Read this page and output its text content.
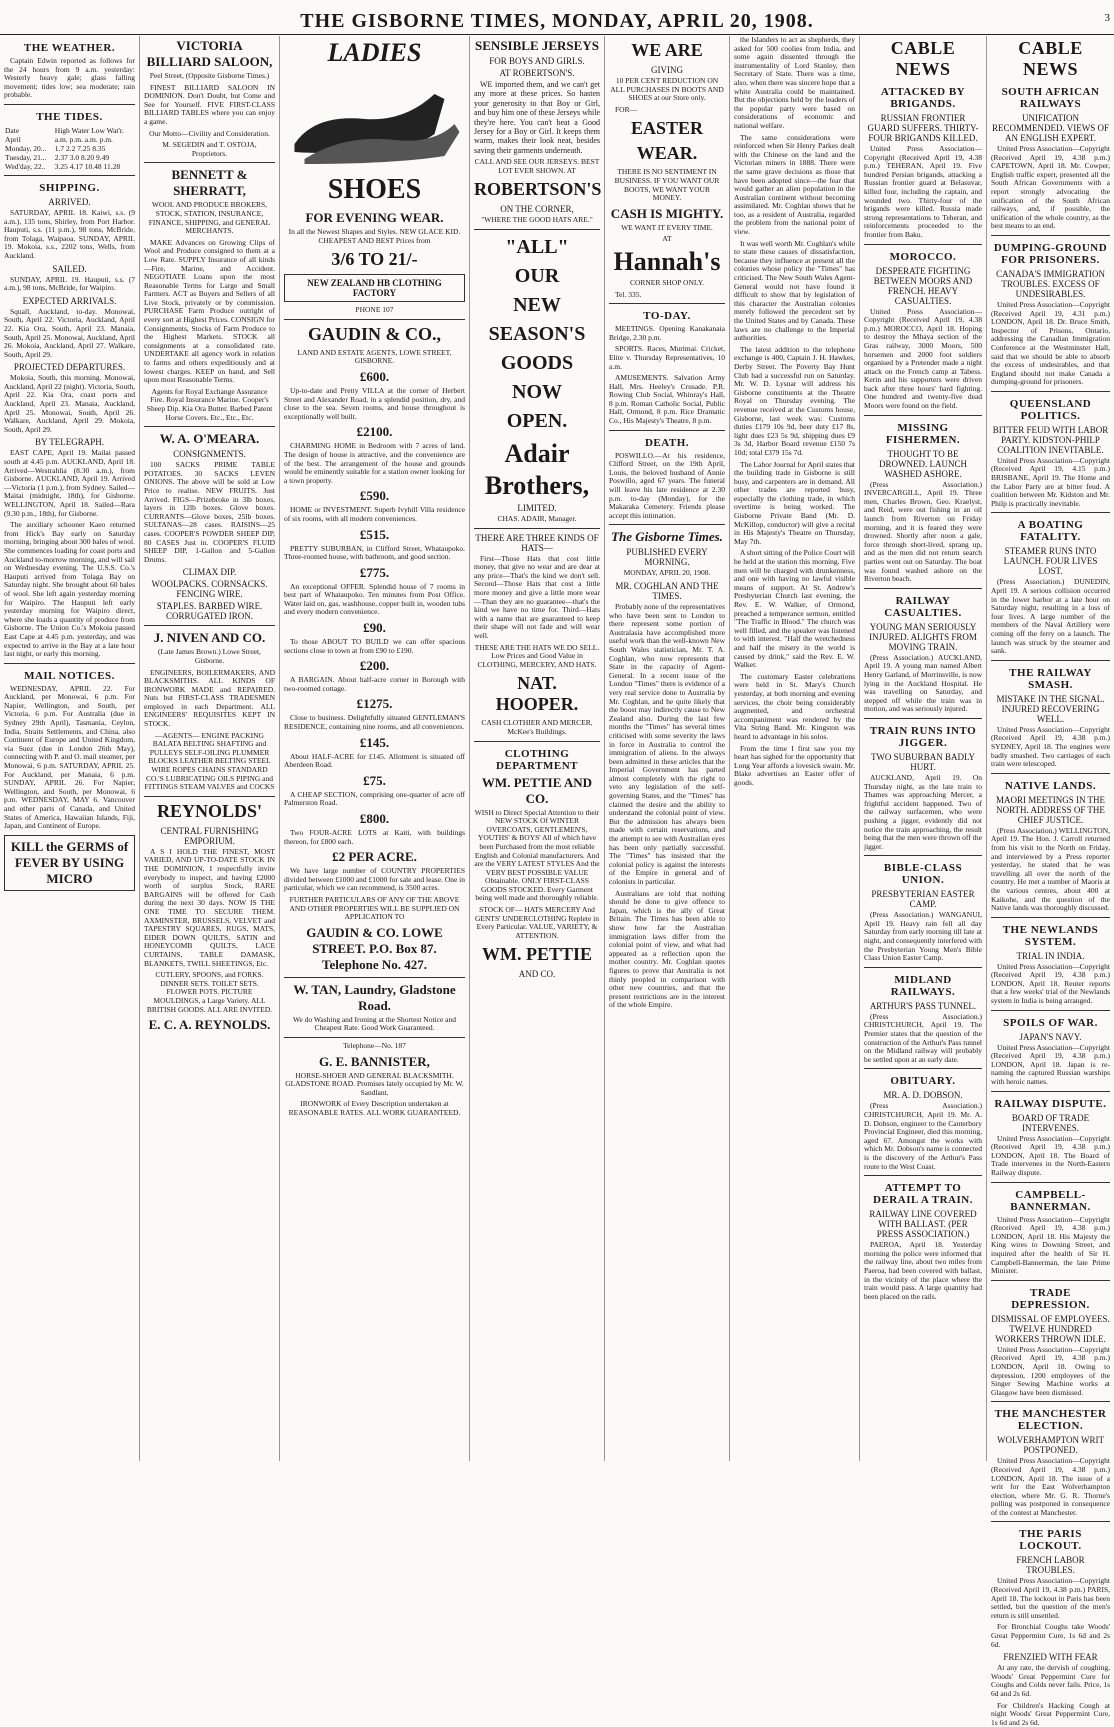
THE GISBORNE TIMES, MONDAY, APRIL 20, 1908.	3
THE WEATHER.

Captain Edwin reported as follows for the 24 hours from 9 a.m. yesterday: Westerly heavy gale; glass falling movement; tides low; sea moderate; rain probable.

THE TIDES.
Date	High Water Low Wat'r.
April	a.m. p.m. a.m. p.m.
Monday, 20...	1.7 2.2 7.25 8.35
Tuesday, 21...	2.37 3.0 8.20 9.49
Wed'day, 22..	3.25 4.17 10.48 11.28
SHIPPING.
ARRIVED.

SATURDAY, APRIL 18. Kaiwi, s.s. (9 a.m.), 135 tons, Shirley, from Port Harbor. Hauputi, s.s. (11 p.m.), 98 tons, McBride, from Tolaga, Waipaoa. SUNDAY, APRIL 19. Mokoia, s.s., 2202 tons, Wells, from Auckland.

SAILED.

SUNDAY, APRIL 19. Hauputi, s.s. (7 a.m.), 98 tons, McBride, for Waipiro.

EXPECTED ARRIVALS.

Squall, Auckland, to-day. Monowai, South, April 22. Victoria, Auckland, April 22. Kia Ora, South, April 23. Manaia, South, April 25. Monowai, Auckland, April 26. Mokoia, Auckland, April 27. Walkare, South, April 29.

PROJECTED DEPARTURES.

Mokoia, South, this morning. Monowai, Auckland, April 22 (night). Victoria, South, April 22. Kia Ora, coast ports and Auckland, April 23. Manaia, Auckland, April 25. Monowai, South, April 26. Walkare, Auckland, April 29. Mokoia, South, April 29.

BY TELEGRAPH.

EAST CAPE, April 19. Mailai passed south at 4.45 p.m. AUCKLAND, April 18. Arrived—Westrahlia (8.30 a.m.), from Gisborne. AUCKLAND, April 19. Arrived—Victoria (1 p.m.), from Sydney. Sailed—Maitai (midnight, 18th), for Gisborne. WELLINGTON, April 18. Sailed—Rara (9.30 p.m., 18th), for Gisborne.

The auxiliary schooner Kaeo returned from Hick's Bay early on Saturday morning, bringing about 300 bales of wool. She commences loading for coast ports and Auckland to-morrow morning, and will sail on Wednesday evening. The U.S.S. Co.'s Hauputi arrived from Tolaga Bay on Saturday night. She brought about 60 bales of wool. She left again yesterday morning for Waipiro. The Hauputi left early yesterday morning for Waipiro direct, where she loads a quantity of produce from Gisborne. The Union Co.'s Mokoia passed East Cape at 4.45 p.m. yesterday, and was expected to arrive in the Bay at a late hour last night, or early this morning.

MAIL NOTICES.

WEDNESDAY, APRIL 22. For Auckland, per Monowai, 6 p.m. For Napier, Wellington, and South, per Victoria, 6 p.m. For Australia (due in Sydney 29th April), Tasmania, Ceylon, India, Straits Settlements, and China, also Continent of Europe and United Kingdom, via Suez (due in London 26th May), connecting with P. and O. mail steamer, per Monowai, 6 p.m. SATURDAY, APRIL 25. For Auckland, per Manaia, 6 p.m. SUNDAY, APRIL 26. For Napier, Wellington, and South, per Monowai, 6 p.m. WEDNESDAY, MAY 6. Vancouver and other parts of Canada, and United States of America, Hawaiian Islands, Fiji, Japan, and Continent of Europe.

KILL the GERMS of FEVER BY USING MICRO
VICTORIA BILLIARD SALOON,

Peel Street, (Opposite Gisborne Times.)

FINEST BILLIARD SALOON IN DOMINION. Don't Doubt, but Come and See for Yourself. FIVE FIRST-CLASS BILLIARD TABLES where you can enjoy a game.

Our Motto—Civility and Consideration.

M. SEGEDIN and T. OSTOJA, Proprietors.

BENNETT & SHERRATT,

WOOL AND PRODUCE BROKERS, STOCK, STATION, INSURANCE, FINANCE, SHIPPING, and GENERAL MERCHANTS.

MAKE Advances on Growing Clips of Wool and Produce consigned to them at a Low Rate. SUPPLY Insurance of all kinds—Fire, Marine, and Accident. NEGOTIATE Loans upon the most Reasonable Terms for Large and Small Farmers. ACT as Buyers and Sellers of all Live Stock, privately or by commission. PURCHASE Farm Produce outright of every sort at Highest Prices. CONSIGN for Consignments, Stocks of Farm Produce to the Highest Markets. STOCK all consignments at a consolidated rate. UNDERTAKE all agency work in relation to farms and others expeditiously and at lowest charges. KEEP on hand, and Sell upon most Reasonable Terms.

Agents for Royal Exchange Assurance Fire. Royal Insurance Marine. Cooper's Sheep Dip. Kia Ora Butter. Barbed Patent Horse Covers. Etc., Etc., Etc.

W. A. O'MEARA.
CONSIGNMENTS.

100 SACKS PRIME TABLE POTATOES. 30 SACKS LEVEN ONIONS. The above will be sold at Low Price to realise. NEW FRUITS. Just Arrived. FIGS—Prizebroke in 3lb boxes, layers in 12lb boxes. Glove boxes. CURRANTS—Glove boxes, 25lb boxes. SULTANAS—28 cases. RAISINS—25 cases. COOPER'S POWDER SHEEP DIP, 80 CASES Just in. COOPER'S FLUID SHEEP DIP, 1-Gallon and 5-Gallon Drums.

CLIMAX DIP.
WOOLPACKS. CORNSACKS. FENCING WIRE.
STAPLES. BARBED WIRE. CORRUGATED IRON.
J. NIVEN AND CO.

(Late James Brown.) Lowe Street, Gisborne.

ENGINEERS, BOILERMAKERS, AND BLACKSMITHS. ALL KINDS OF IRONWORK MADE and REPAIRED. Nuts but FIRST-CLASS TRADESMEN employed in each Department. ALL ENGINEERS' REQUISITES KEPT IN STOCK.

—AGENTS— ENGINE PACKING BALATA BELTING SHAFTING and PULLEYS SELF-OILING PLUMMER BLOCKS LEATHER BELTING STEEL WIRE ROPES CHAINS STANDARD CO.'S LUBRICATING OILS PIPING and FITTINGS STEAM VALVES and COCKS

REYNOLDS'
CENTRAL FURNISHING EMPORIUM.

A S I HOLD THE FINEST, MOST VARIED, AND UP-TO-DATE STOCK IN THE DOMINION, I respectfully invite everybody to inspect, and having £2000 worth of surplus Stock, RARE BARGAINS will be offered for Cash during the next 30 days. NOW IS THE ONE TIME TO SECURE THEM. AXMINSTER, BRUSSELS, VELVET and TAPESTRY SQUARES, RUGS, MATS, EIDER DOWN QUILTS, SATIN and HONEYCOMB QUILTS, LACE CURTAINS, TABLE DAMASK, BLANKETS, TWILL SHEETINGS, Etc.

CUTLERY, SPOONS, and FORKS. DINNER SETS. TOILET SETS. FLOWER POTS. PICTURE MOULDINGS, a Large Variety. ALL BRITISH GOODS. ALL ARE INVITED.

E. C. A. REYNOLDS.
LADIES
SHOES
FOR EVENING WEAR.

In all the Newest Shapes and Styles. NEW GLACE KID. CHEAPEST AND BEST Prices from

3/6 TO 21/-
NEW ZEALAND HB CLOTHING FACTORY

PHONE 107

GAUDIN & CO.,

LAND AND ESTATE AGENTS, LOWE STREET, GISBORNE.

£600.

Up-to-date and Pretty VILLA at the corner of Herbert Street and Alexander Road, in a splendid position, dry, and close to the sea. Seven rooms, and house throughout is exceptionally well built.

£2100.

CHARMING HOME in Bedroom with 7 acres of land. The design of house is attractive, and the convenience are of the best. The arrangement of the house and grounds would be eminently suitable for a station owner looking for a town property.

£590.

HOME or INVESTMENT. Superb Ivyhill Villa residence of six rooms, with all modern conveniences.

£515.

PRETTY SUBURBAN, in Clifford Street, Whataupoko. Three-roomed house, with bathroom, and good section.

£775.

An exceptional OFFER. Splendid house of 7 rooms in best part of Whataupoko. Ten minutes from Post Office. Water laid on, gas, washhouse, copper built in, wooden tubs and every modern convenience.

£90.

To those ABOUT TO BUILD we can offer spacious sections close to town at from £90 to £190.

£200.

A BARGAIN. About half-acre corner in Borough with two-roomed cottage.

£1275.

Close to business. Delightfully situated GENTLEMAN'S RESIDENCE, containing nine rooms, and all conveniences.

£145.

About HALF-ACRE for £145. Allotment is situated off Aberdeen Road.

£75.

A CHEAP SECTION, comprising one-quarter of acre off Palmerston Road.

£800.

Two FOUR-ACRE LOTS at Kaiti, with buildings thereon, for £800 each.

£2 PER ACRE.

We have large number of COUNTRY PROPERTIES divided between £1000 and £1000 for sale and lease. One in particular, which we can recommend, is 3500 acres.

FURTHER PARTICULARS OF ANY OF THE ABOVE AND OTHER PROPERTIES WILL BE SUPPLIED ON APPLICATION TO

GAUDIN & CO. LOWE STREET. P.O. Box 87. Telephone No. 427.
W. TAN, Laundry, Gladstone Road.

We do Washing and Ironing at the Shortest Notice and Cheapest Rate. Good Work Guaranteed.

Telephone—No. 187

G. E. BANNISTER,

HORSE-SHOER AND GENERAL BLACKSMITH. GLADSTONE ROAD. Promises lately occupied by Mr. W. Sandlant.

IRONWORK of Every Description undertaken at REASONABLE RATES. ALL WORK GUARANTEED.

SENSIBLE JERSEYS
FOR BOYS AND GIRLS.
AT ROBERTSON'S.

WE imported them, and we can't get any more at these prices. So hasten your generosity to that Boy or Girl, and buy him one of these Jerseys while they're here. You can't beat a Good Jersey for a Boy or Girl. It keeps them warm, makes their look neat, besides saving their garments underneath.

CALL AND SEE OUR JERSEYS. BEST LOT EVER SHOWN. AT

ROBERTSON'S
ON THE CORNER,

"WHERE THE GOOD HATS ARE."

"ALL"
OUR
NEW
SEASON'S
GOODS
NOW
OPEN.
Adair
Brothers,
LIMITED.

CHAS. ADAIR, Manager.

THERE ARE THREE KINDS OF HATS—

First—Those Hats that cost little money, that give no wear and are dear at any price—That's the kind we don't sell. Second—Those Hats that cost a little more money and give a little more wear—Than they are no guarantee—that's the kind we have no time for. Third—Hats with a name that are guaranteed to keep their shape will not fade and will wear well.

THESE ARE THE HATS WE DO SELL. Low Prices and Good Value in CLOTHING, MERCERY, AND HATS.

NAT. HOOPER.

CASH CLOTHIER AND MERCER, McKee's Buildings.

CLOTHING DEPARTMENT
WM. PETTIE AND CO.

WISH to Direct Special Attention to their NEW STOCK Of WINTER OVERCOATS, GENTLEMEN'S, YOUTHS' & BOYS' All of which have been Purchased from the most reliable English and Colonial manufacturers. And are the VERY LATEST STYLES And the VERY BEST POSSIBLE VALUE Obtainable. ONLY FIRST-CLASS GOODS STOCKED. Every Garment being well made and thoroughly reliable.

STOCK OF— HATS MERCERY And GENTS' UNDERCLOTHING Replete in Every Particular. VALUE, VARIETY, & ATTENTION.

WM. PETTIE
AND CO.
WE ARE
GIVING

10 PER CENT REDUCTION ON ALL PURCHASES IN BOOTS AND SHOES at our Store only.

FOR—

EASTER
WEAR.

THERE IS NO SENTIMENT IN BUSINESS. IF YOU WANT OUR BOOTS, WE WANT YOUR MONEY.

CASH IS MIGHTY.

WE WANT IT EVERY TIME.

AT

Hannah's

CORNER SHOP ONLY.

Tel. 335.

TO-DAY.

MEETINGS. Opening Kanakanaia Bridge, 2.30 p.m.

SPORTS. Races, Murimai. Cricket, Elite v. Thursday Representatives, 10 a.m.

AMUSEMENTS. Salvation Army Hall, Mrs. Heeley's Crusade. P.R. Rowing Club Social, Whinray's Hall, 8 p.m. Roman Catholic Social, Public Hall, Ormond, 8 p.m. Rice Dramatic Co., His Majesty's Theatre, 8 p.m.

DEATH.

POSWILLO.—At his residence, Clifford Street, on the 19th April, Louis, the beloved husband of Annie Poswillo, aged 67 years. The funeral will leave his late residence at 2.30 p.m. to-day (Monday), for the Makaraka Cemetery. Friends please accept this intimation.

The Gisborne Times.
PUBLISHED EVERY MORNING.

MONDAY, APRIL 20, 1908.

MR. COGHLAN AND THE TIMES.

Probably none of the representatives who have been sent to London to there represent some portion of Australasia have accomplished more useful work than the well-known New South Wales statistician, Mr. T. A. Coghlan, who now represents that State in the capacity of Agent-General. In a recent issue of the London "Times" there is evidence of a very real service done to Australia by Mr. Coghlan, and he quite likely that the boost may indirectly cause to New Zealand also. During the last few months the "Times" has several times criticised with some severity the laws in force in Australia to control the immigration of aliens. In the always been admitted in these articles that the Imperial Government has parted almost completely with the right to veto any legislation of the self-governing States, and the "Times" has claimed the desire and the ability to understand the colonial point of view. But the admission has always been made with certain reservations, and the attempt to see with Australian eyes has been only partially successful. The "Times" has insisted that the colonial policy is against the interests of the Empire in general and of colonists in particular.

Australians are told that nothing should be done to give offence to Japan, which is the ally of Great Britain. The Times has been able to show how far the Australian immigration laws differ from the colonial point of view, and what had appeared as a reflection upon the mother country. Mr. Coghlan quotes figures to prove that Australia is not thinly peopled in comparison with other new countries, and that the present restrictions are in the interest of the whole Empire.

the Islanders to act as shepherds, they asked for 500 coolies from India, and some again dissented through the instrumentality of Lord Stanley, then Secretary of State. There was a time, also, when there was sincere hope that a white Australia could be maintained. But the objections held by the leaders of the popular party were based on considerations of economic and national welfare.

The same considerations were reinforced when Sir Henry Parkes dealt with the Chinese on the land and the Victorian miners in 1888. There were the same grave decisions as those that have been adopted since—the fear that would gather an alien population in the Australian continent without becoming assimilated. Mr. Coghlan shows that he too, as a resident of Australia, regarded the problem from the national point of view.

It was well worth Mr. Coghlan's while to state these causes of dissatisfaction, because they influence at present all the colonies whose policy the "Times" has criticised. The New South Wales Agent-General would not have found it difficult to show that by legislation of this character the Australian colonies merely followed the precedent set by the United States and by Canada. These laws are no challenge to the Imperial authorities.

The latest addition to the telephone exchange is 400, Captain J. H. Hawkes, Derby Street. The Poverty Bay Hunt Club had a successful run on Saturday. Mr. W. D. Lysnar will address his Gisborne constituents at the Theatre Royal on Thursday evening. The revenue received at the Customs house, Gisborne, last week was: Customs duties £179 10s 9d, beer duty £17 8s, light dues £23 5s 9d, shipping dues £9 3s 3d, Harbor Board revenue £150 7s 10d; total £379 15s 7d.

The Labor Journal for April states that the building trade in Gisborne is still busy, and carpenters are in demand. All other trades are reported busy, especially the clothing trade, in which overtime is being worked. The Gisborne Private Band (Mr. D. McKillop, conductor) will give a recital in His Majesty's Theatre on Thursday, May 7th.

A short sitting of the Police Court will be held at the station this morning. Five men will be charged with drunkenness, and one with having no lawful visible means of support. At St. Andrew's Presbyterian Church last evening, the Rev. E. W. Walker, of Ormond, preached a temperance sermon, entitled "The Traffic in Blood." The church was well filled, and the speaker was listened to with interest. "Half the wretchedness and half the misery in the world is caused by drink," said the Rev. E. W. Walker.

The customary Easter celebrations were held in St. Mary's Church yesterday, at both morning and evening services, the choir being considerably augmented, and orchestral accompaniment was rendered by the Vita String Band. Mr. Kingston was heard to advantage in his solos.

From the time I first saw you my heart has sighed for the opportunity that Long Year affords a lovesick swain. Mr. Blake advertises an Easter offer of goods.

CABLE NEWS
ATTACKED BY BRIGANDS.
RUSSIAN FRONTIER GUARD SUFFERS. THIRTY-FOUR BRIGANDS KILLED.

United Press Association—Copyright (Received April 19, 4.38 p.m.) TEHERAN, April 19. Five hundred Persian brigands, attacking a Russian frontier guard at Belasuvar, killed four, including the captain, and wounded two. Thirty-four of the brigands were killed. Russia made strong representations to Teheran, and reinforcements proceeded to the frontier from Baku.

MOROCCO.
DESPERATE FIGHTING BETWEEN MOORS AND FRENCH. HEAVY CASUALTIES.

United Press Association—Copyright (Received April 19, 4.38 p.m.) MOROCCO, April 18. Hoping to destroy the Mhaya section of the Gras railway, 3000 Moors, 500 horsemen and 2000 foot soldiers organised by a Pretender made a night attack on the French camp at Tabess. Kerin and his supporters were driven back after three hours' hard fighting. One hundred and twenty-five dead Moors were found on the field.

MISSING FISHERMEN.
THOUGHT TO BE DROWNED. LAUNCH WASHED ASHORE.

(Press Association.) INVERCARGILL, April 19. Three men, Charles Brown, Geo. Kraelyst, and Reid, were out fishing in an oil launch from Riverton on Friday morning, and it is feared they were drowned. Shortly after noon a gale, force through short-lived, sprang up, and as the men did not return search parties went out on Saturday. The boat was found washed ashore on the Riverton beach.

RAILWAY CASUALTIES.
YOUNG MAN SERIOUSLY INJURED. ALIGHTS FROM MOVING TRAIN.

(Press Association.) AUCKLAND, April 19. A young man named Albert Henry Garland, of Morrinsville, is now lying in the Auckland Hospital. He was travelling on Saturday, and stepped off while the train was in motion, and was seriously injured.

TRAIN RUNS INTO JIGGER.
TWO SUBURBAN BADLY HURT.

AUCKLAND, April 19. On Thursday night, as the late train to Thames was approaching Mercer, a frightful accident happened. Two of the railway surfacemen, who were pushing a jigger, evidently did not notice the train approaching, the result being that the men were thrown off the jigger.

BIBLE-CLASS UNION.
PRESBYTERIAN EASTER CAMP.

(Press Association.) WANGANUI, April 19. Heavy rain fell all day Saturday from early morning till late at night, and consequently interfered with the Presbyterian Young Men's Bible Class Union Easter Camp.

MIDLAND RAILWAYS.
ARTHUR'S PASS TUNNEL.

(Press Association.) CHRISTCHURCH, April 19. The Premier states that the question of the construction of the Arthur's Pass tunnel on the Midland railway will probably be settled upon at an early date.

OBITUARY.
MR. A. D. DOBSON.

(Press Association.) CHRISTCHURCH, April 19. Mr. A. D. Dobson, engineer to the Canterbury Provincial Engineer, died this morning, aged 67. Amongst the works with which Mr. Dobson's name is connected is the discovery of the Arthur's Pass route to the West Coast.

ATTEMPT TO DERAIL A TRAIN.
RAILWAY LINE COVERED WITH BALLAST. (PER PRESS ASSOCIATION.)

PAEROA, April 18. Yesterday morning the police were informed that the railway line, about two miles from Paeroa, had been covered with ballast, in the vicinity of the place where the train would pass. A large quantity had been placed on the rails.

CABLE NEWS
SOUTH AFRICAN RAILWAYS
UNIFICATION RECOMMENDED. VIEWS OF AN ENGLISH EXPERT.

United Press Association—Copyright (Received April 19, 4.38 p.m.) CAPETOWN, April 18. Mr. Cowper, English traffic expert, presented all the South African Governments with a report strongly advocating the unification of the South African railways, and, if possible, the unification of the whole country, as the best means to an end.

DUMPING-GROUND FOR PRISONERS.
CANADA'S IMMIGRATION TROUBLES. EXCESS OF UNDESIRABLES.

United Press Association—Copyright (Received April 19, 4.31 p.m.) LONDON, April 18. Dr. Bruce Smith, Inspector of Prisons, Ontario, addressing the Canadian Immigration Conference at the Westminster Hall, said that we should be able to absorb the excess of undesirables, and that England should not make Canada a dumping-ground for prisoners.

QUEENSLAND POLITICS.
BITTER FEUD WITH LABOR PARTY. KIDSTON-PHILP COALITION INEVITABLE.

United Press Association—Copyright (Received April 19, 4.15 p.m.) BRISBANE, April 19. The Home and the Labor Party are at bitter feud. A coalition between Mr. Kidston and Mr. Philp is practically inevitable.

A BOATING FATALITY.
STEAMER RUNS INTO LAUNCH. FOUR LIVES LOST.

(Press Association.) DUNEDIN, April 19. A serious collision occurred in the lower harbor at a late hour on Saturday night, resulting in a loss of four lives. A large number of the members of the Naval Artillery were coming off the ferry on a launch. The launch was struck by the steamer and sank.

THE RAILWAY SMASH.
MISTAKE IN THE SIGNAL. INJURED RECOVERING WELL.

United Press Association—Copyright (Received April 19, 4.38 p.m.) SYDNEY, April 18. The engines were badly smashed. Two carriages of each train were telescoped.

NATIVE LANDS.
MAORI MEETINGS IN THE NORTH. ADDRESS OF THE CHIEF JUSTICE.

(Press Association.) WELLINGTON, April 19. The Hon. J. Carroll returned from his visit to the North on Friday, and interviewed by a Press reporter yesterday, he stated that he was travelling all over the north of the country. He met a number of Maoris at the various centres, about 400 at Kaikohe, and the question of the Native lands was thoroughly discussed.

THE NEWLANDS SYSTEM.
TRIAL IN INDIA.

United Press Association—Copyright (Received April 19, 4.38 p.m.) LONDON, April 18. Reuter reports that a few weeks' trial of the Newlands system in India is being arranged.

SPOILS OF WAR.
JAPAN'S NAVY.

United Press Association—Copyright (Received April 19, 4.38 p.m.) LONDON, April 18. Japan is re-naming the captured Russian warships with heroic names.

RAILWAY DISPUTE.
BOARD OF TRADE INTERVENES.

United Press Association—Copyright (Received April 19, 4.38 p.m.) LONDON, April 18. The Board of Trade intervenes in the North-Eastern Railway dispute.

CAMPBELL-BANNERMAN.

United Press Association—Copyright (Received April 19, 4.38 p.m.) LONDON, April 18. His Majesty the King wires to Downing Street, and inquired after the health of Sir H. Campbell-Bannerman, the late Prime Minister.

TRADE DEPRESSION.
DISMISSAL OF EMPLOYEES. TWELVE HUNDRED WORKERS THROWN IDLE.

United Press Association—Copyright (Received April 19, 4.38 p.m.) LONDON, April 18. Owing to depression, 1200 employees of the Singer Sewing Machine works at Glasgow have been dismissed.

THE MANCHESTER ELECTION.
WOLVERHAMPTON WRIT POSTPONED.

United Press Association—Copyright (Received April 19, 4.38 p.m.) LONDON, April 18. The issue of a writ for the East Wolverhampton election, where Mr. G. R. Thorne's polling was postponed in consequence of the contest at Manchester.

THE PARIS LOCKOUT.
FRENCH LABOR TROUBLES.

United Press Association—Copyright (Received April 19, 4.38 p.m.) PARIS, April 18. The lockout in Paris has been settled, but the question of the men's return is still unsettled.

For Bronchial Coughs take Woods' Great Peppermint Cure, 1s 6d and 2s 6d.

FRENZIED WITH FEAR

At any rate, the dervish of coughing, Woods' Great Peppermint Cure for Coughs and Colds never fails. Price, 1s 6d and 2s 6d.

For Children's Hacking Cough at night Woods' Great Peppermint Cure, 1s 6d and 2s 6d.
